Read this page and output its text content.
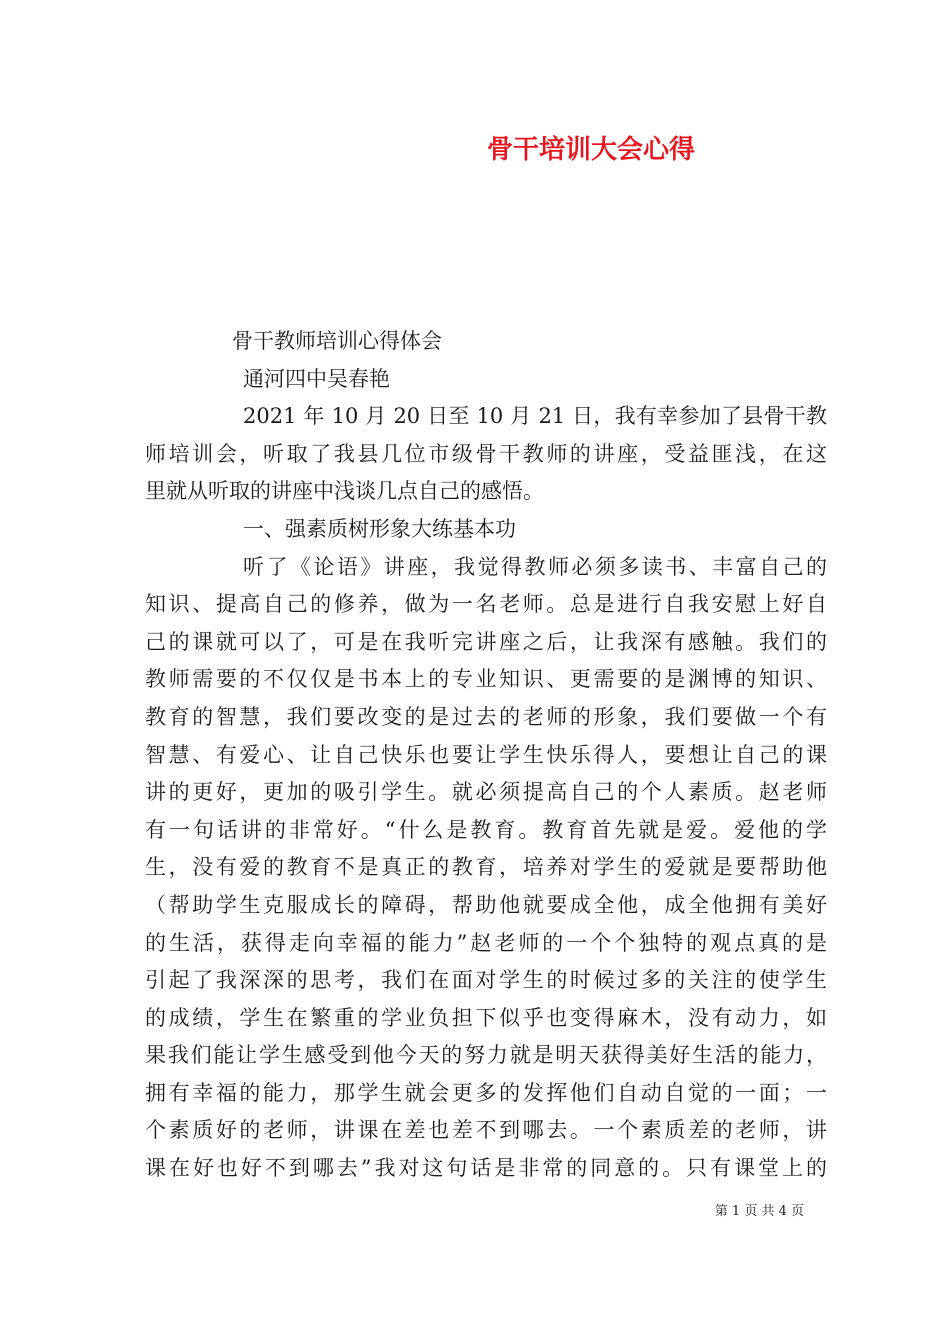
骨干培训大会心得

骨干教师培训心得体会

通河四中吴春艳

2021 年 10 月 20 日至 10 月 21 日，我有幸参加了县骨干教

师培训会，听取了我县几位市级骨干教师的讲座，受益匪浅，在这

里就从听取的讲座中浅谈几点自己的感悟。

一、强素质树形象大练基本功

听了《论语》讲座，我觉得教师必须多读书、丰富自己的

知识、提高自己的修养，做为一名老师。总是进行自我安慰上好自

己的课就可以了，可是在我听完讲座之后，让我深有感触。我们的

教师需要的不仅仅是书本上的专业知识、更需要的是渊博的知识、

教育的智慧，我们要改变的是过去的老师的形象，我们要做一个有

智慧、有爱心、让自己快乐也要让学生快乐得人，要想让自己的课

讲的更好，更加的吸引学生。就必须提高自己的个人素质。赵老师

有一句话讲的非常好。“什么是教育。教育首先就是爱。爱他的学

生，没有爱的教育不是真正的教育，培养对学生的爱就是要帮助他

（帮助学生克服成长的障碍，帮助他就要成全他，成全他拥有美好

的生活，获得走向幸福的能力”赵老师的一个个独特的观点真的是

引起了我深深的思考，我们在面对学生的时候过多的关注的使学生

的成绩，学生在繁重的学业负担下似乎也变得麻木，没有动力，如

果我们能让学生感受到他今天的努力就是明天获得美好生活的能力，

拥有幸福的能力，那学生就会更多的发挥他们自动自觉的一面；一

个素质好的老师，讲课在差也差不到哪去。一个素质差的老师，讲

课在好也好不到哪去”我对这句话是非常的同意的。只有课堂上的

第 1 页 共 4 页
